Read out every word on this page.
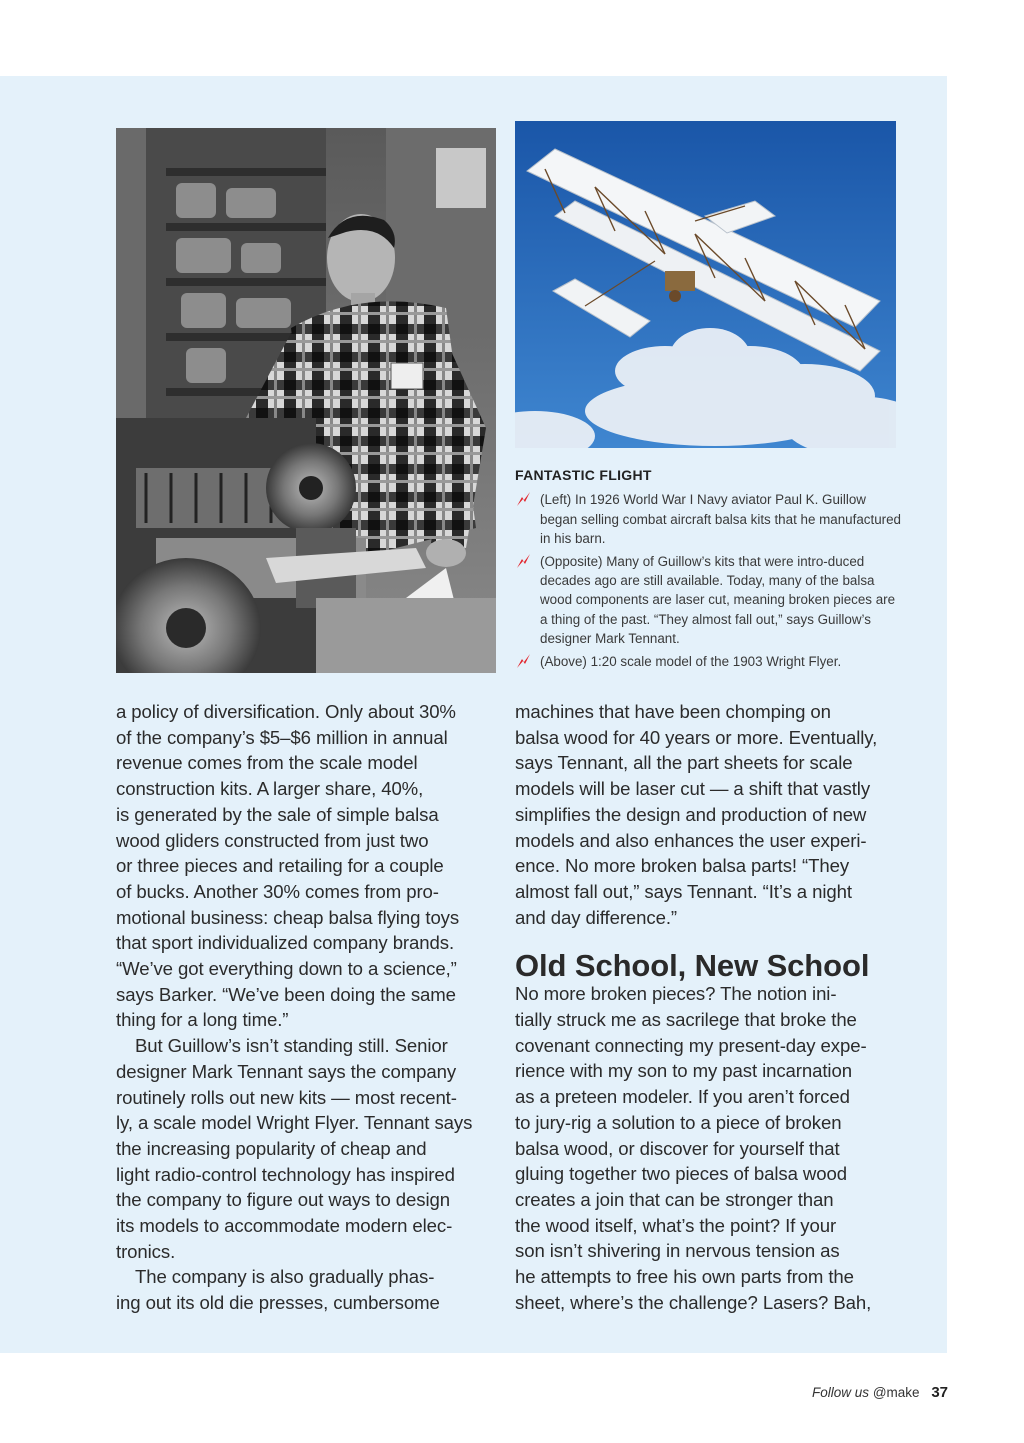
FANTASTIC FLIGHT
(Left) In 1926 World War I Navy aviator Paul K. Guillow began selling combat aircraft balsa kits that he manufactured in his barn.
(Opposite) Many of Guillow’s kits that were intro-duced decades ago are still available. Today, many of the balsa wood components are laser cut, meaning broken pieces are a thing of the past. “They almost fall out,” says Guillow’s designer Mark Tennant.
(Above) 1:20 scale model of the 1903 Wright Flyer.

a policy of diversification. Only about 30%
of the company’s $5–$6 million in annual
revenue comes from the scale model
construction kits. A larger share, 40%,
is generated by the sale of simple balsa
wood gliders constructed from just two
or three pieces and retailing for a couple
of bucks. Another 30% comes from pro-
motional business: cheap balsa flying toys
that sport individualized company brands.
“We’ve got everything down to a science,”
says Barker. “We’ve been doing the same
thing for a long time.”

But Guillow’s isn’t standing still. Senior
designer Mark Tennant says the company
routinely rolls out new kits — most recent-
ly, a scale model Wright Flyer. Tennant says
the increasing popularity of cheap and
light radio-control technology has inspired
the company to figure out ways to design
its models to accommodate modern elec-
tronics.

The company is also gradually phas-
ing out its old die presses, cumbersome

machines that have been chomping on
balsa wood for 40 years or more. Eventually,
says Tennant, all the part sheets for scale
models will be laser cut — a shift that vastly
simplifies the design and production of new
models and also enhances the user experi-
ence. No more broken balsa parts! “They
almost fall out,” says Tennant. “It’s a night
and day difference.”

Old School, New School

No more broken pieces? The notion ini-
tially struck me as sacrilege that broke the
covenant connecting my present-day expe-
rience with my son to my past incarnation
as a preteen modeler. If you aren’t forced
to jury-rig a solution to a piece of broken
balsa wood, or discover for yourself that
gluing together two pieces of balsa wood
creates a join that can be stronger than
the wood itself, what’s the point? If your
son isn’t shivering in nervous tension as
he attempts to free his own parts from the
sheet, where’s the challenge? Lasers? Bah,

Follow us @make 37
